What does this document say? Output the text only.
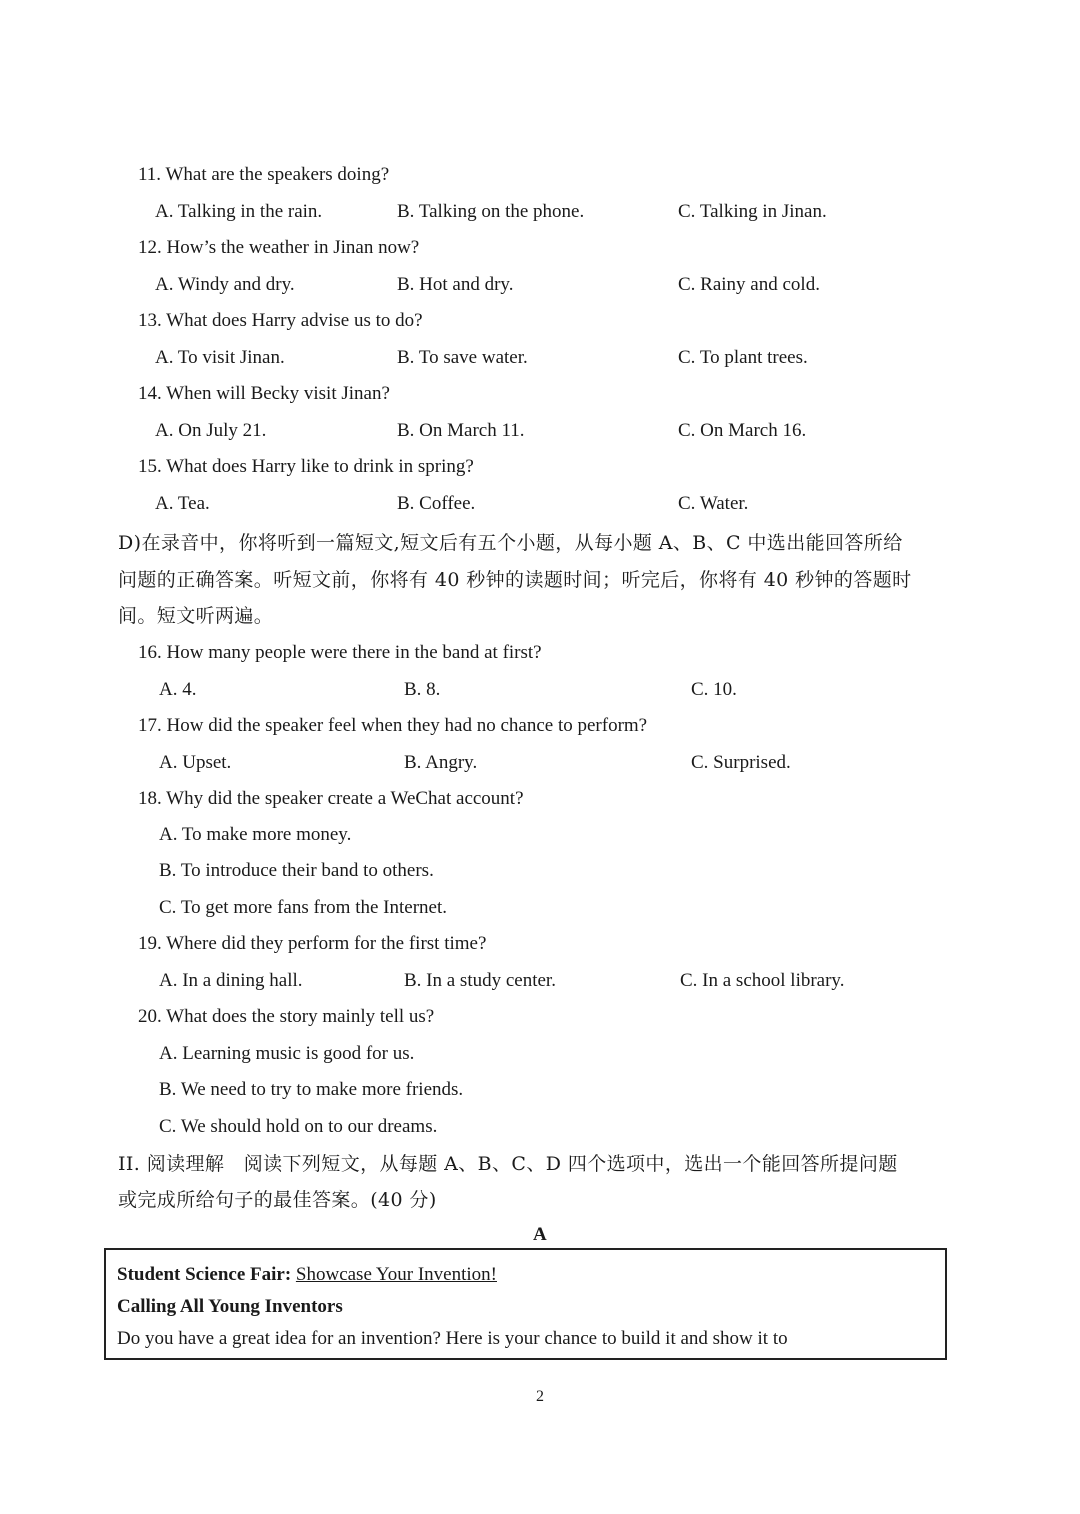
11. What are the speakers doing?
A. Talking in the rain.	B. Talking on the phone.	C. Talking in Jinan.
12. How’s the weather in Jinan now?
A. Windy and dry.	B. Hot and dry.	C. Rainy and cold.
13. What does Harry advise us to do?
A. To visit Jinan.	B. To save water.	C. To plant trees.
14. When will Becky visit Jinan?
A. On July 21.	B. On March 11.	C. On March 16.
15. What does Harry like to drink in spring?
A. Tea.	B. Coffee.	C. Water.
D)在录音中，你将听到一篇短文,短文后有五个小题，从每小题 A、B、C 中选出能回答所给
问题的正确答案。听短文前，你将有 40 秒钟的读题时间；听完后，你将有 40 秒钟的答题时
间。短文听两遍。
16. How many people were there in the band at first?
A. 4.	B. 8.	C. 10.
17. How did the speaker feel when they had no chance to perform?
A. Upset.	B. Angry.	C. Surprised.
18. Why did the speaker create a WeChat account?
A. To make more money.
B. To introduce their band to others.
C. To get more fans from the Internet.
19. Where did they perform for the first time?
A. In a dining hall.	B. In a study center.	C. In a school library.
20. What does the story mainly tell us?
A. Learning music is good for us.
B. We need to try to make more friends.
C. We should hold on to our dreams.
II. 阅读理解　阅读下列短文，从每题 A、B、C、D 四个选项中，选出一个能回答所提问题
或完成所给句子的最佳答案。(40 分)
A
Student Science Fair: Showcase Your Invention!
Calling All Young Inventors
Do you have a great idea for an invention? Here is your chance to build it and show it to
2
